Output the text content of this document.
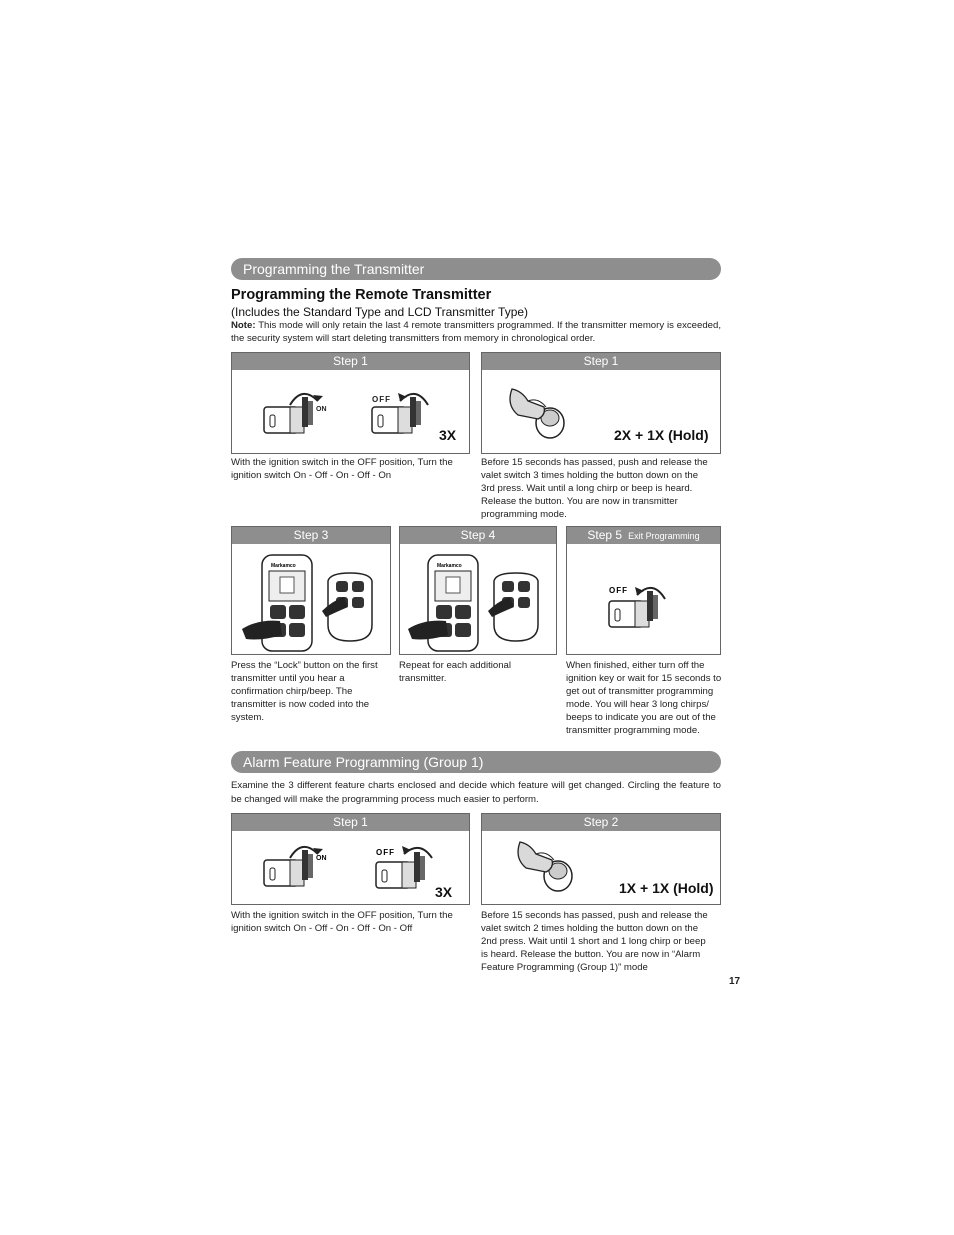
Programming the Transmitter
Programming the Remote Transmitter
(Includes the Standard Type and LCD Transmitter Type)
Note: This mode will only retain the last 4 remote transmitters programmed. If the transmitter memory is exceeded, the security system will start deleting transmitters from memory in chronological order.
Step 1
ON
OFF
3X
With the ignition switch in the OFF position, Turn the ignition switch On - Off - On - Off - On
Step 1
2X + 1X (Hold)
Before 15 seconds has passed, push and release the valet switch 3 times holding the button down on the 3rd press. Wait until a long chirp or beep is heard. Release the button. You are now in transmitter programming mode.
Step 3
Markamco
Press the “Lock” button on the first transmitter until you hear a confirmation chirp/beep. The transmitter is now coded into the system.
Step 4
Markamco
Repeat for each additional transmitter.
Step 5 Exit Programming
OFF
When finished, either turn off the ignition key or wait for 15 seconds to get out of transmitter programming mode. You will hear 3 long chirps/ beeps to indicate you are out of the transmitter programming mode.
Alarm Feature Programming (Group 1)
Examine the 3 different feature charts enclosed and decide which feature will get changed. Circling the feature to be changed will make the programming process much easier to perform.
Step 1
ON
OFF
3X
With the ignition switch in the OFF position, Turn the ignition switch On - Off - On - Off - On - Off
Step 2
1X + 1X (Hold)
Before 15 seconds has passed, push and release the valet switch 2 times holding the button down on the 2nd press. Wait until 1 short and 1 long chirp or beep is heard. Release the button. You are now in “Alarm Feature Programming (Group 1)” mode
17
